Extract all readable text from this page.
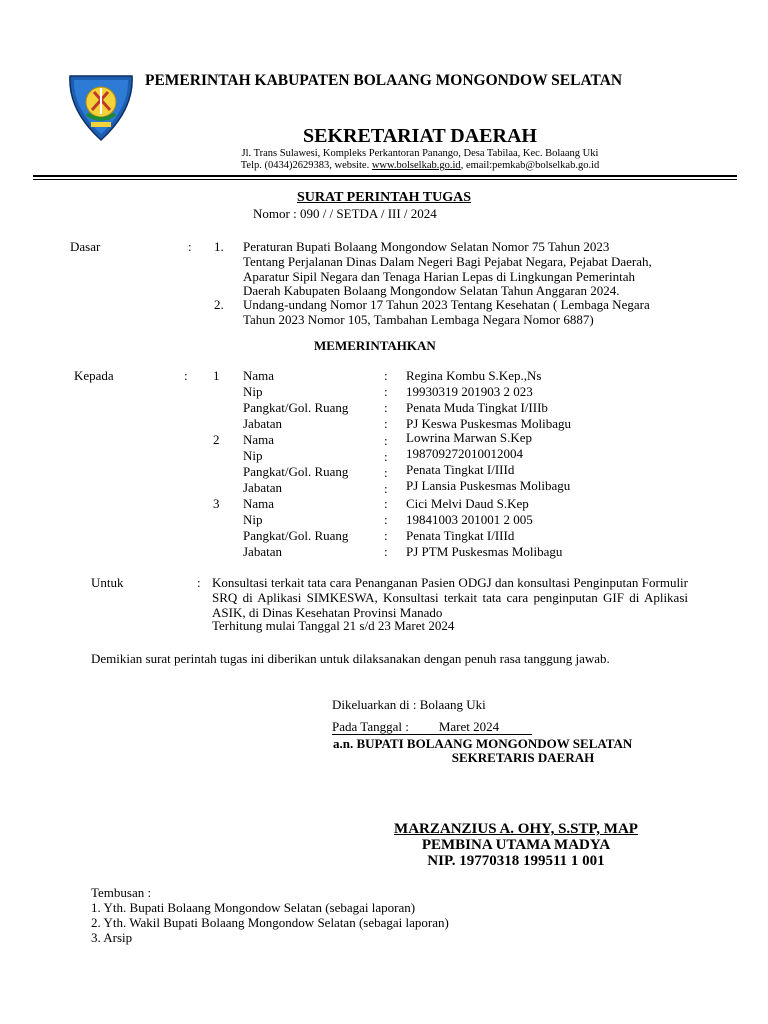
PEMERINTAH KABUPATEN BOLAANG MONGONDOW SELATAN
SEKRETARIAT DAERAH
Jl. Trans Sulawesi, Kompleks Perkantoran Panango, Desa Tabilaa, Kec. Bolaang Uki
Telp. (0434)2629383, website. www.bolselkab.go.id, email:pemkab@bolselkab.go.id
SURAT PERINTAH TUGAS
Nomor : 090 / / SETDA / III / 2024
Dasar	: 1. Peraturan Bupati Bolaang Mongondow Selatan Nomor 75 Tahun 2023
Tentang Perjalanan Dinas Dalam Negeri Bagi Pejabat Negara, Pejabat Daerah,
Aparatur Sipil Negara dan Tenaga Harian Lepas di Lingkungan Pemerintah
Daerah Kabupaten Bolaang Mongondow Selatan Tahun Anggaran 2024.
2. Undang-undang Nomor 17 Tahun 2023 Tentang Kesehatan ( Lembaga Negara
Tahun 2023 Nomor 105, Tambahan Lembaga Negara Nomor 6887)
MEMERINTAHKAN
Kepada	: 1 Nama	: Regina Kombu S.Kep.,Ns
Nip	: 19930319 201903 2 023
Pangkat/Gol. Ruang	: Penata Muda Tingkat I/IIIb
Jabatan	: PJ Keswa Puskesmas Molibagu
2 Nama	: Lowrina Marwan S.Kep
Nip	: 198709272010012004
Pangkat/Gol. Ruang	: Penata Tingkat I/IIId
Jabatan	: PJ Lansia Puskesmas Molibagu
3 Nama	: Cici Melvi Daud S.Kep
Nip	: 19841003 201001 2 005
Pangkat/Gol. Ruang	: Penata Tingkat I/IIId
Jabatan	: PJ PTM Puskesmas Molibagu
Untuk	: Konsultasi terkait tata cara Penanganan Pasien ODGJ dan konsultasi Penginputan Formulir SRQ di Aplikasi SIMKESWA, Konsultasi terkait tata cara penginputan GIF di Aplikasi ASIK, di Dinas Kesehatan Provinsi Manado
Terhitung mulai Tanggal 21 s/d 23 Maret 2024
Demikian surat perintah tugas ini diberikan untuk dilaksanakan dengan penuh rasa tanggung jawab.
Dikeluarkan di : Bolaang Uki
Pada Tanggal : Maret 2024
a.n. BUPATI BOLAANG MONGONDOW SELATAN
SEKRETARIS DAERAH
MARZANZIUS A. OHY, S.STP, MAP
PEMBINA UTAMA MADYA
NIP. 19770318 199511 1 001
Tembusan :
1. Yth. Bupati Bolaang Mongondow Selatan (sebagai laporan)
2. Yth. Wakil Bupati Bolaang Mongondow Selatan (sebagai laporan)
3. Arsip
